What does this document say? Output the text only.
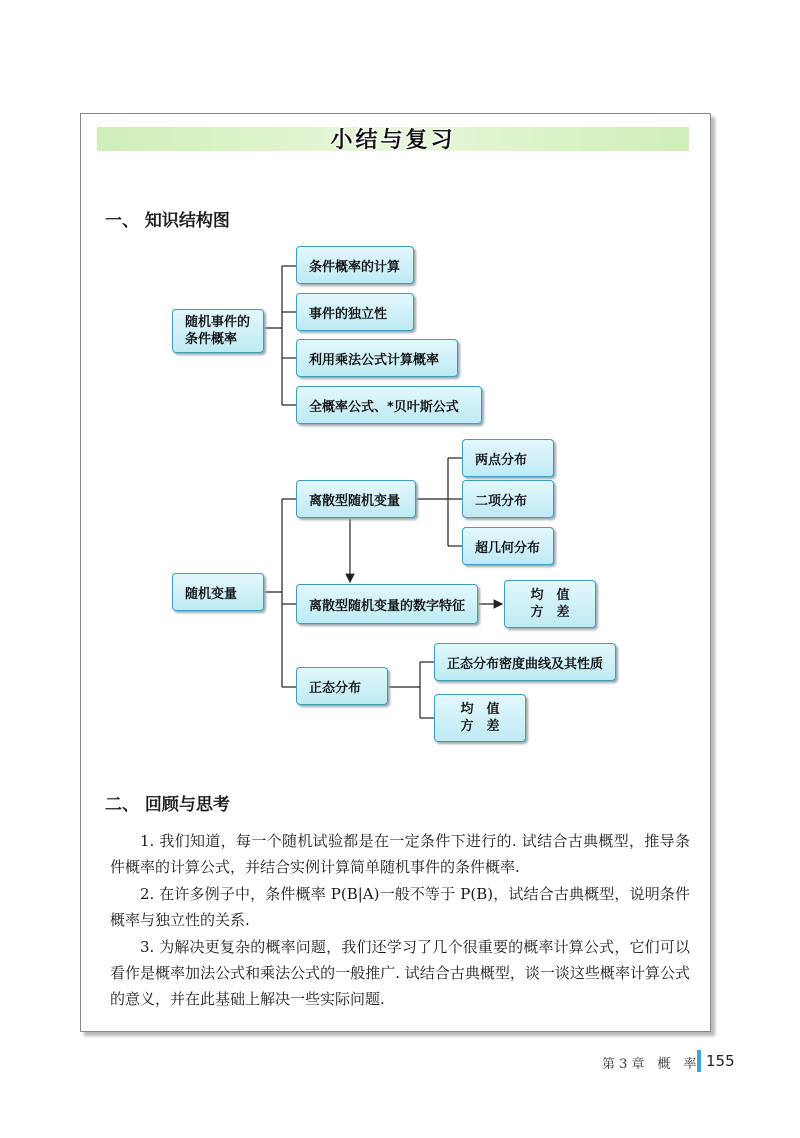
小结与复习
一、 知识结构图
随机事件的
条件概率
条件概率的计算
事件的独立性
利用乘法公式计算概率
全概率公式、*贝叶斯公式
随机变量
离散型随机变量
两点分布
二项分布
超几何分布
离散型随机变量的数字特征
均　值
方　差
正态分布
正态分布密度曲线及其性质
均　值
方　差
二、 回顾与思考

1. 我们知道，每一个随机试验都是在一定条件下进行的. 试结合古典概型，推导条件概率的计算公式，并结合实例计算简单随机事件的条件概率.

2. 在许多例子中，条件概率 P(B|A)一般不等于 P(B)，试结合古典概型，说明条件概率与独立性的关系.

3. 为解决更复杂的概率问题，我们还学习了几个很重要的概率计算公式，它们可以看作是概率加法公式和乘法公式的一般推广. 试结合古典概型，谈一谈这些概率计算公式的意义，并在此基础上解决一些实际问题.

第 3 章　概　率 155
